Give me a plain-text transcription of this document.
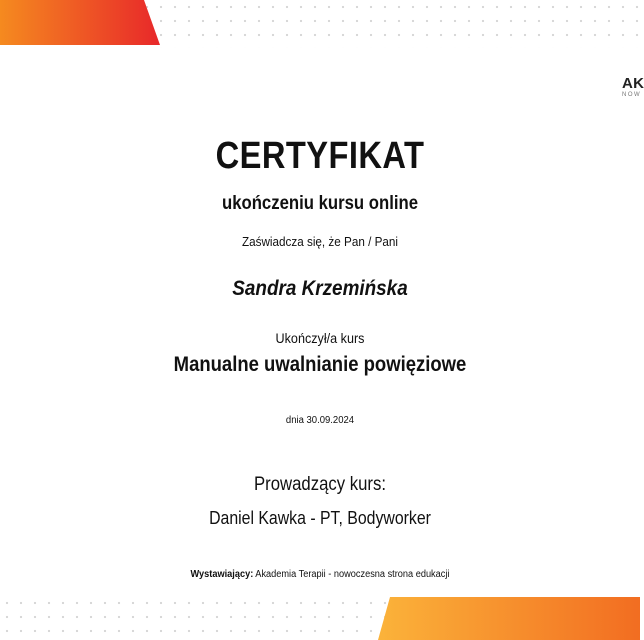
AK
NOW
CERTYFIKAT
ukończeniu kursu online
Zaświadcza się, że Pan / Pani
Sandra Krzemińska
Ukończył/a kurs
Manualne uwalnianie powięziowe
dnia 30.09.2024
Prowadzący kurs:
Daniel Kawka - PT, Bodyworker
Wystawiający: Akademia Terapii - nowoczesna strona edukacji
